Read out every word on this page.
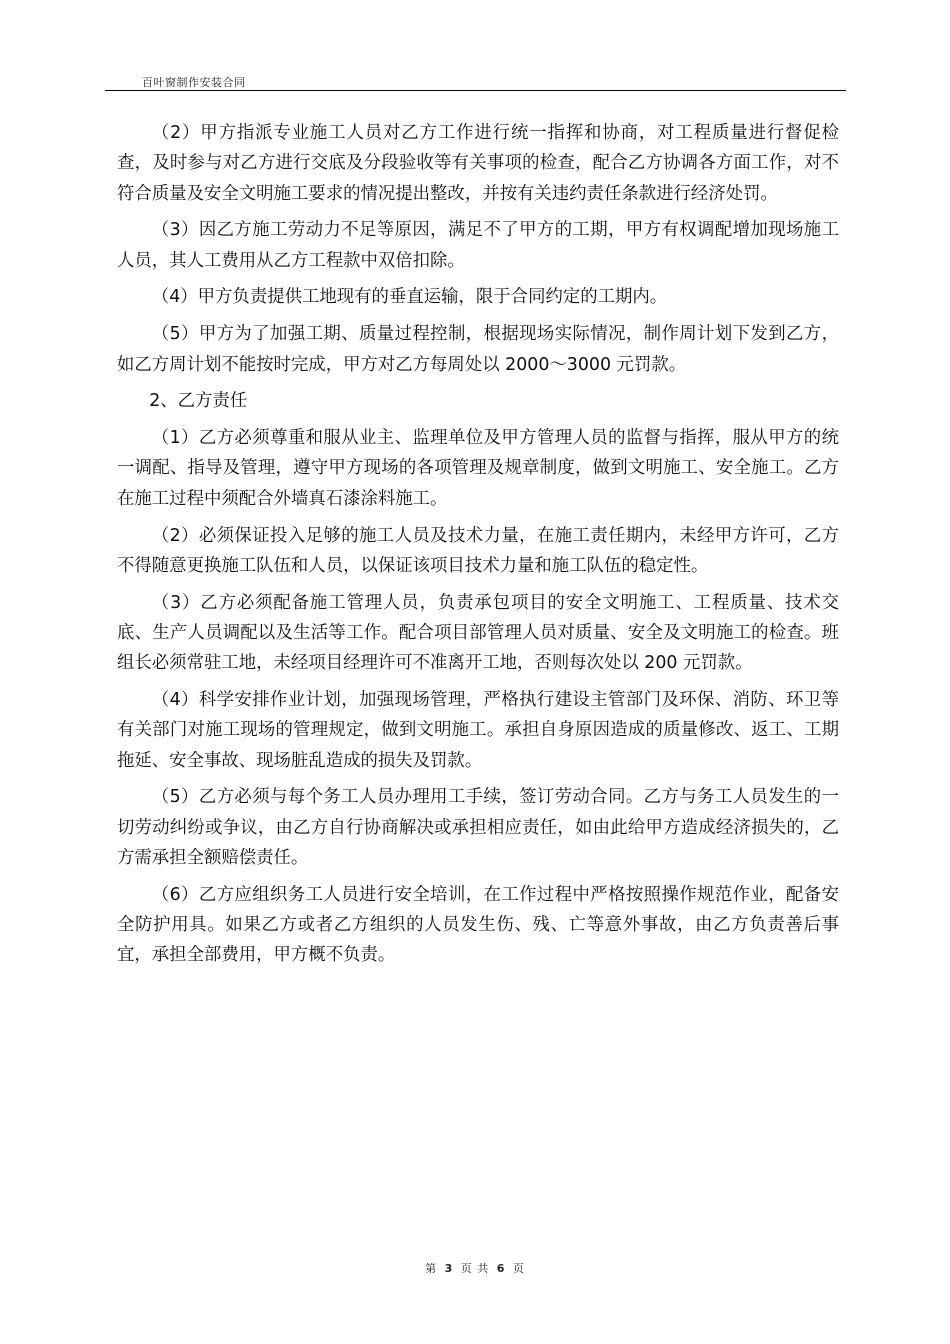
百叶窗制作安装合同

（2）甲方指派专业施工人员对乙方工作进行统一指挥和协商，对工程质量进行督促检查，及时参与对乙方进行交底及分段验收等有关事项的检查，配合乙方协调各方面工作，对不符合质量及安全文明施工要求的情况提出整改，并按有关违约责任条款进行经济处罚。

（3）因乙方施工劳动力不足等原因，满足不了甲方的工期，甲方有权调配增加现场施工人员，其人工费用从乙方工程款中双倍扣除。

（4）甲方负责提供工地现有的垂直运输，限于合同约定的工期内。

（5）甲方为了加强工期、质量过程控制，根据现场实际情况，制作周计划下发到乙方，如乙方周计划不能按时完成，甲方对乙方每周处以 2000～3000 元罚款。

2、乙方责任

（1）乙方必须尊重和服从业主、监理单位及甲方管理人员的监督与指挥，服从甲方的统一调配、指导及管理，遵守甲方现场的各项管理及规章制度，做到文明施工、安全施工。乙方在施工过程中须配合外墙真石漆涂料施工。

（2）必须保证投入足够的施工人员及技术力量，在施工责任期内，未经甲方许可，乙方不得随意更换施工队伍和人员，以保证该项目技术力量和施工队伍的稳定性。

（3）乙方必须配备施工管理人员，负责承包项目的安全文明施工、工程质量、技术交底、生产人员调配以及生活等工作。配合项目部管理人员对质量、安全及文明施工的检查。班组长必须常驻工地，未经项目经理许可不准离开工地，否则每次处以 200 元罚款。

（4）科学安排作业计划，加强现场管理，严格执行建设主管部门及环保、消防、环卫等有关部门对施工现场的管理规定，做到文明施工。承担自身原因造成的质量修改、返工、工期拖延、安全事故、现场脏乱造成的损失及罚款。

（5）乙方必须与每个务工人员办理用工手续，签订劳动合同。乙方与务工人员发生的一切劳动纠纷或争议，由乙方自行协商解决或承担相应责任，如由此给甲方造成经济损失的，乙方需承担全额赔偿责任。

（6）乙方应组织务工人员进行安全培训，在工作过程中严格按照操作规范作业，配备安全防护用具。如果乙方或者乙方组织的人员发生伤、残、亡等意外事故，由乙方负责善后事宜，承担全部费用，甲方概不负责。

第 3 页 共 6 页
